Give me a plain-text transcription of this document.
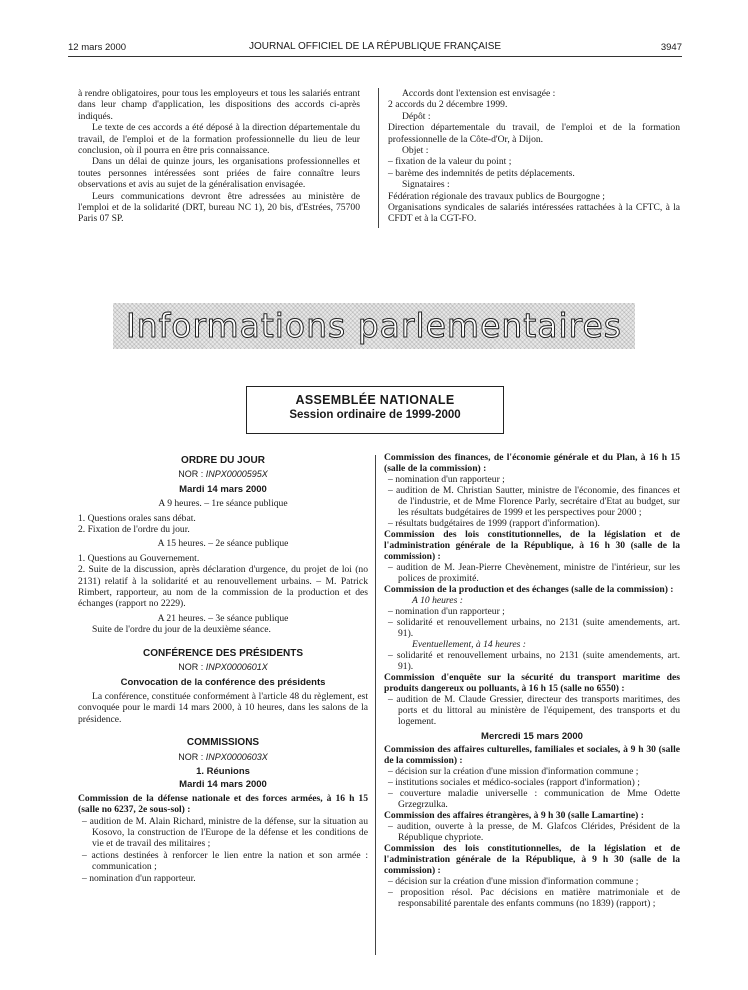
12 mars 2000	JOURNAL OFFICIEL DE LA RÉPUBLIQUE FRANÇAISE	3947

à rendre obligatoires, pour tous les employeurs et tous les salariés entrant dans leur champ d'application, les dispositions des accords ci-après indiqués.

Le texte de ces accords a été déposé à la direction départementale du travail, de l'emploi et de la formation professionnelle du lieu de leur conclusion, où il pourra en être pris connaissance.

Dans un délai de quinze jours, les organisations professionnelles et toutes personnes intéressées sont priées de faire connaître leurs observations et avis au sujet de la généralisation envisagée.

Leurs communications devront être adressées au ministère de l'emploi et de la solidarité (DRT, bureau NC 1), 20 bis, d'Estrées, 75700 Paris 07 SP.

Accords dont l'extension est envisagée :

2 accords du 2 décembre 1999.

Dépôt :

Direction départementale du travail, de l'emploi et de la formation professionnelle de la Côte-d'Or, à Dijon.

Objet :

– fixation de la valeur du point ;

– barème des indemnités de petits déplacements.

Signataires :

Fédération régionale des travaux publics de Bourgogne ;

Organisations syndicales de salariés intéressées rattachées à la CFTC, à la CFDT et à la CGT-FO.

Informations parlementaires
ASSEMBLÉE NATIONALE
Session ordinaire de 1999-2000

ORDRE DU JOUR

NOR : INPX0000595X

Mardi 14 mars 2000

A 9 heures. – 1re séance publique

1. Questions orales sans débat.

2. Fixation de l'ordre du jour.

A 15 heures. – 2e séance publique

1. Questions au Gouvernement.

2. Suite de la discussion, après déclaration d'urgence, du projet de loi (no 2131) relatif à la solidarité et au renouvellement urbains. – M. Patrick Rimbert, rapporteur, au nom de la commission de la production et des échanges (rapport no 2229).

A 21 heures. – 3e séance publique

Suite de l'ordre du jour de la deuxième séance.

CONFÉRENCE DES PRÉSIDENTS

NOR : INPX0000601X

Convocation de la conférence des présidents

La conférence, constituée conformément à l'article 48 du règlement, est convoquée pour le mardi 14 mars 2000, à 10 heures, dans les salons de la présidence.

COMMISSIONS

NOR : INPX0000603X

1. Réunions

Mardi 14 mars 2000

Commission de la défense nationale et des forces armées, à 16 h 15 (salle no 6237, 2e sous-sol) :

– audition de M. Alain Richard, ministre de la défense, sur la situation au Kosovo, la construction de l'Europe de la défense et les conditions de vie et de travail des militaires ;

– actions destinées à renforcer le lien entre la nation et son armée : communication ;

– nomination d'un rapporteur.

Commission des finances, de l'économie générale et du Plan, à 16 h 15 (salle de la commission) :

– nomination d'un rapporteur ;

– audition de M. Christian Sautter, ministre de l'économie, des finances et de l'industrie, et de Mme Florence Parly, secrétaire d'Etat au budget, sur les résultats budgétaires de 1999 et les perspectives pour 2000 ;

– résultats budgétaires de 1999 (rapport d'information).

Commission des lois constitutionnelles, de la législation et de l'administration générale de la République, à 16 h 30 (salle de la commission) :

– audition de M. Jean-Pierre Chevènement, ministre de l'intérieur, sur les polices de proximité.

Commission de la production et des échanges (salle de la commission) :

A 10 heures :

– nomination d'un rapporteur ;

– solidarité et renouvellement urbains, no 2131 (suite amendements, art. 91).

Eventuellement, à 14 heures :

– solidarité et renouvellement urbains, no 2131 (suite amendements, art. 91).

Commission d'enquête sur la sécurité du transport maritime des produits dangereux ou polluants, à 16 h 15 (salle no 6550) :

– audition de M. Claude Gressier, directeur des transports maritimes, des ports et du littoral au ministère de l'équipement, des transports et du logement.

Mercredi 15 mars 2000

Commission des affaires culturelles, familiales et sociales, à 9 h 30 (salle de la commission) :

– décision sur la création d'une mission d'information commune ;

– institutions sociales et médico-sociales (rapport d'information) ;

– couverture maladie universelle : communication de Mme Odette Grzegrzulka.

Commission des affaires étrangères, à 9 h 30 (salle Lamartine) :

– audition, ouverte à la presse, de M. Glafcos Clérides, Président de la République chypriote.

Commission des lois constitutionnelles, de la législation et de l'administration générale de la République, à 9 h 30 (salle de la commission) :

– décision sur la création d'une mission d'information commune ;

– proposition résol. Pac décisions en matière matrimoniale et de responsabilité parentale des enfants communs (no 1839) (rapport) ;
